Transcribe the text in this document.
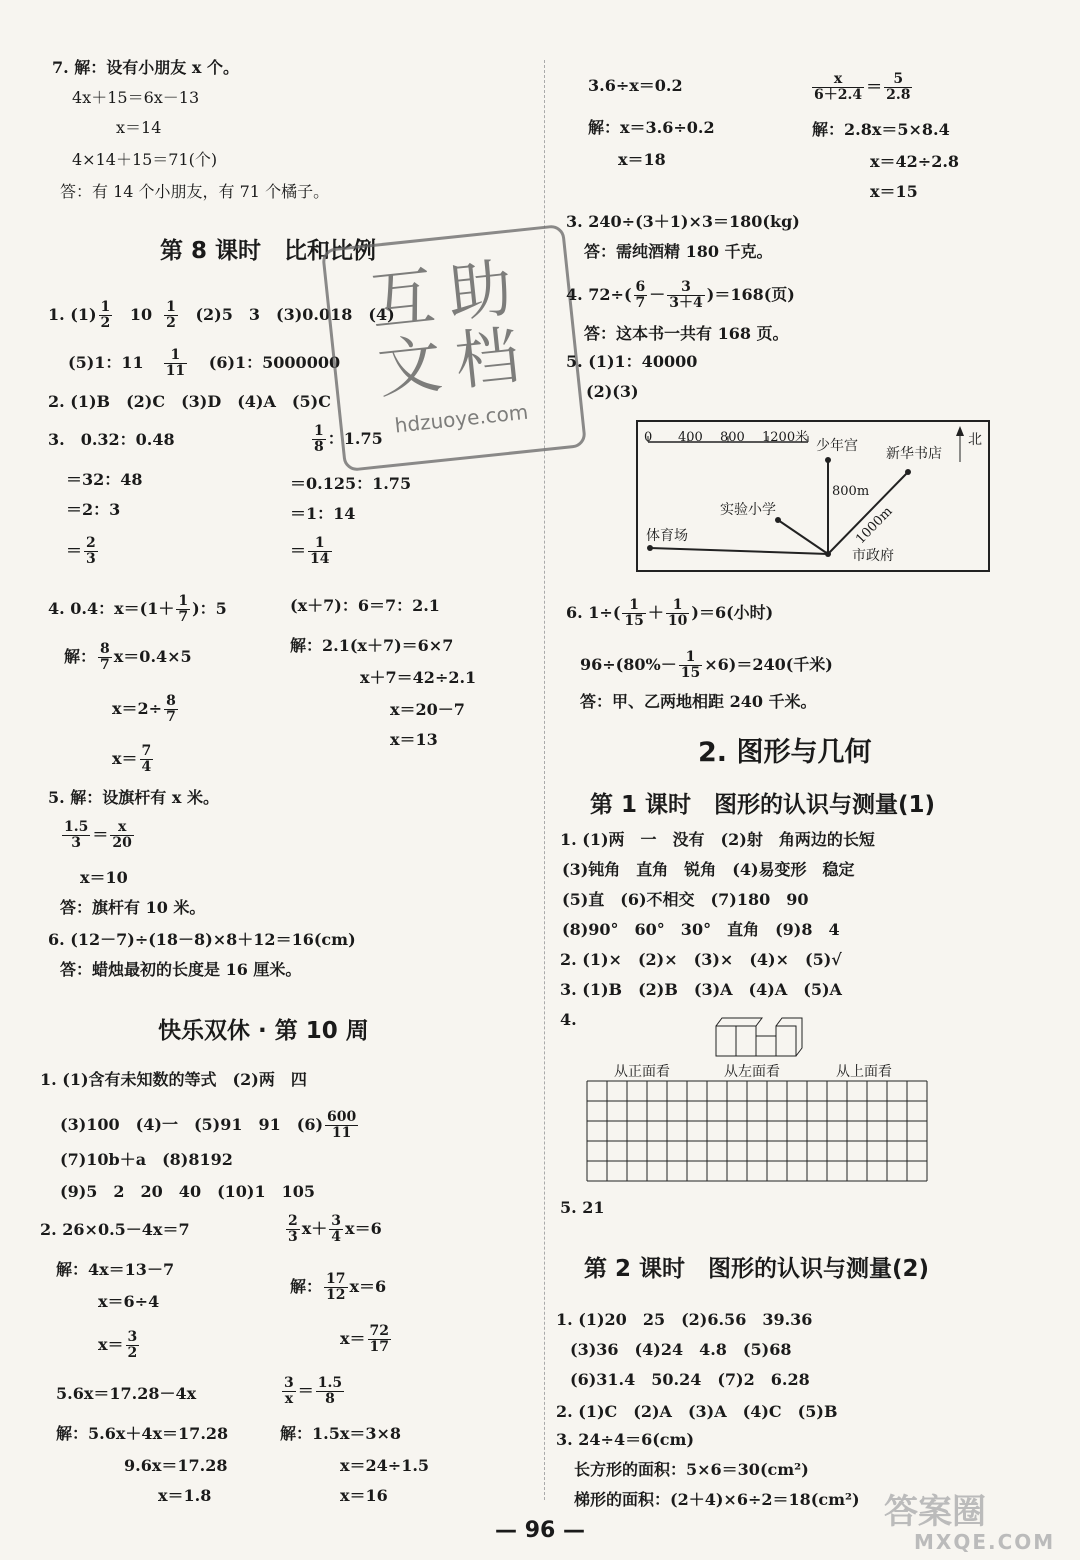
7. 解：设有小朋友 x 个。
4x＋15＝6x－13
x＝14
4×14＋15＝71(个)
答：有 14 个小朋友，有 71 个橘子。
第 8 课时　比和比例
1. $(1) \frac{1}{2} 10 \frac{1}{2} (2)5$　3　(3)0.018　(4)
(5)1：$11 \frac{1}{11} (6)1$：5000000
2. (1)B　(2)C　(3)D　(4)A　(5)C
3.　0.32：0.48
＝32：48
＝2：3
＝ $\frac{2}{3}$
$\frac{1}{8}$ ：1.75
＝0.125：1.75
＝1：14
＝ $\frac{1}{14}$
4. 0.4：$x=(1+ \frac{1}{7}$ )：5
解： $\frac{8}{7} x=0.4\times 5$
$x=2\div \frac{8}{7}$
$x= \frac{7}{4}$
(x＋7)：6＝7：2.1
解：2.1(x＋7)＝6×7
x＋7＝42÷2.1
x＝20－7
x＝13
5. 解：设旗杆有 x 米。
$\frac{1.5}{3} = \frac{x}{20}$
x＝10
答：旗杆有 10 米。
6. (12－7)÷(18－8)×8＋12＝16(cm)
答：蜡烛最初的长度是 16 厘米。
快乐双休 · 第 10 周
1. (1)含有未知数的等式　(2)两　四
(3)100　(4)一　(5)91　91　$(6) \frac{600}{11}$
(7)10b＋a　(8)8192
(9)5　2　20　40　(10)1　105
2. 26×0.5－4x＝7
解：4x＝13－7
x＝6÷4
$x= \frac{3}{2}$
5.6x＝17.28－4x
解：5.6x＋4x＝17.28
9.6x＝17.28
x＝1.8
$\frac{2}{3} x+ \frac{3}{4} x=6$
解： $\frac{17}{12} x=6$
$x= \frac{72}{17}$
$\frac{3}{x} = \frac{1.5}{8}$
解：1.5x＝3×8
x＝24÷1.5
x＝16
互助
文档
hdzuoye.com
3.6÷x＝0.2
解：x＝3.6÷0.2
x＝18
$\frac{x}{6+2.4} = \frac{5}{2.8}$
解：2.8x＝5×8.4
x＝42÷2.8
x＝15
3. 240÷(3＋1)×3＝180(kg)
答：需纯酒精 180 千克。
4. $72\div( \frac{6}{7} - \frac{3}{3+4} )=168$(页)
答：这本书一共有 168 页。
5. (1)1：40000
(2)(3)
0 400 800 1200米	北
少年宫 新华书店
实验小学
体育场
市政府
800m
1000m
6. $1\div( \frac{1}{15} + \frac{1}{10} )=6$(小时)
$96\div(80\%- \frac{1}{15} \times 6)=240$(千米)
答：甲、乙两地相距 240 千米。
2. 图形与几何
第 1 课时　图形的认识与测量(1)
1. (1)两　一　没有　(2)射　角两边的长短
(3)钝角　直角　锐角　(4)易变形　稳定
(5)直　(6)不相交　(7)180　90
(8)90°　60°　30°　直角　(9)8　4
2. (1)×　(2)×　(3)×　(4)×　(5)√
3. (1)B　(2)B　(3)A　(4)A　(5)A
4.
从正面看	从左面看	从上面看
5. 21
第 2 课时　图形的认识与测量(2)
1. (1)20　25　(2)6.56　39.36
(3)36　(4)24　4.8　(5)68
(6)31.4　50.24　(7)2　6.28
2. (1)C　(2)A　(3)A　(4)C　(5)B
3. 24÷4＝6(cm)
长方形的面积：5×6＝30(cm²)
梯形的面积：(2＋4)×6÷2＝18(cm²)
— 96 —	答案圈
MXQE.COM
